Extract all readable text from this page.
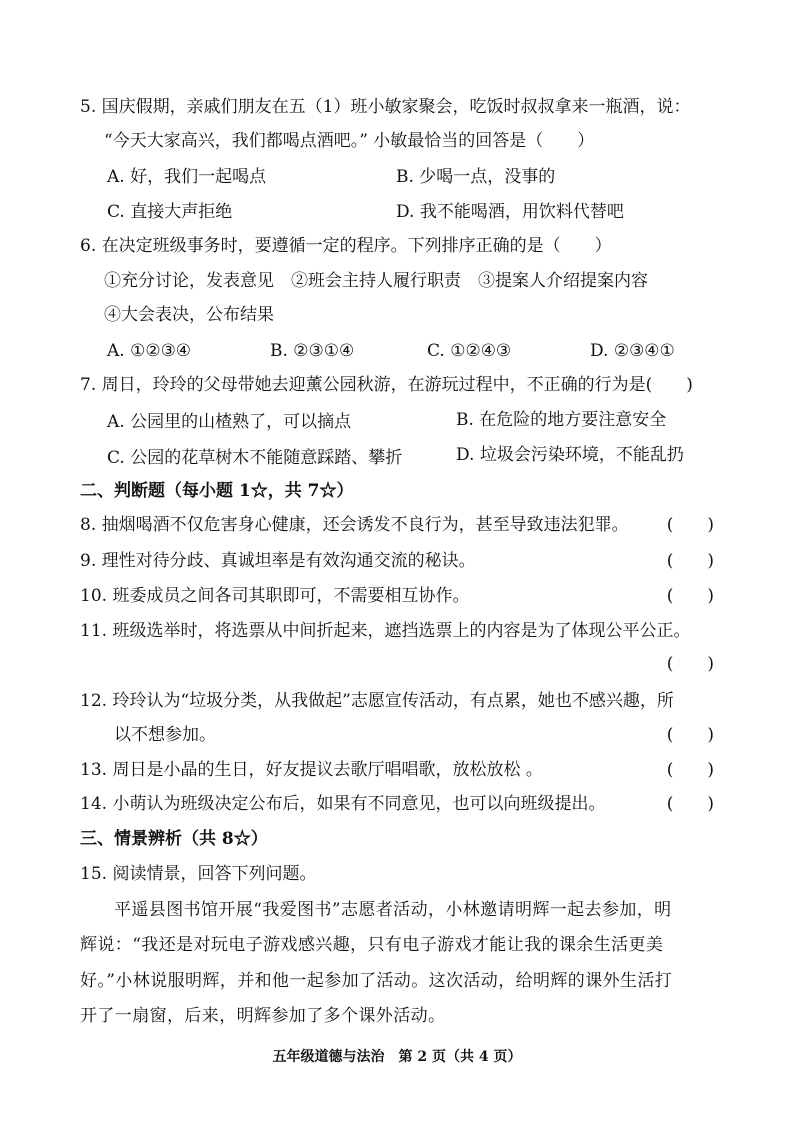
5. 国庆假期，亲戚们朋友在五（1）班小敏家聚会，吃饭时叔叔拿来一瓶酒，说：
“今天大家高兴，我们都喝点酒吧。” 小敏最恰当的回答是（　　）
A. 好，我们一起喝点	B. 少喝一点，没事的
C. 直接大声拒绝	D. 我不能喝酒，用饮料代替吧
6. 在决定班级事务时，要遵循一定的程序。下列排序正确的是（　　）
①充分讨论，发表意见　②班会主持人履行职责　③提案人介绍提案内容
④大会表决，公布结果
A. ①②③④	B. ②③①④	C. ①②④③	D. ②③④①
7. 周日，玲玲的父母带她去迎薰公园秋游，在游玩过程中，不正确的行为是(　　)
A. 公园里的山楂熟了，可以摘点	B. 在危险的地方要注意安全
C. 公园的花草树木不能随意踩踏、攀折	D. 垃圾会污染环境，不能乱扔
二、判断题（每小题 1☆，共 7☆）
8. 抽烟喝酒不仅危害身心健康，还会诱发不良行为，甚至导致违法犯罪。 (　　)
9. 理性对待分歧、真诚坦率是有效沟通交流的秘诀。	(　　)
10. 班委成员之间各司其职即可，不需要相互协作。	(　　)
11. 班级选举时，将选票从中间折起来，遮挡选票上的内容是为了体现公平公正。
(　　)
12. 玲玲认为“垃圾分类，从我做起”志愿宣传活动，有点累，她也不感兴趣，所
以不想参加。	(　　)
13. 周日是小晶的生日，好友提议去歌厅唱唱歌，放松放松 。	(　　)
14. 小萌认为班级决定公布后，如果有不同意见，也可以向班级提出。	(　　)
三、情景辨析（共 8☆）
15. 阅读情景，回答下列问题。
平遥县图书馆开展“我爱图书”志愿者活动，小林邀请明辉一起去参加，明
辉说：“我还是对玩电子游戏感兴趣，只有电子游戏才能让我的课余生活更美
好。”小林说服明辉，并和他一起参加了活动。这次活动，给明辉的课外生活打
开了一扇窗，后来，明辉参加了多个课外活动。
五年级道德与法治　第 2 页（共 4 页）
